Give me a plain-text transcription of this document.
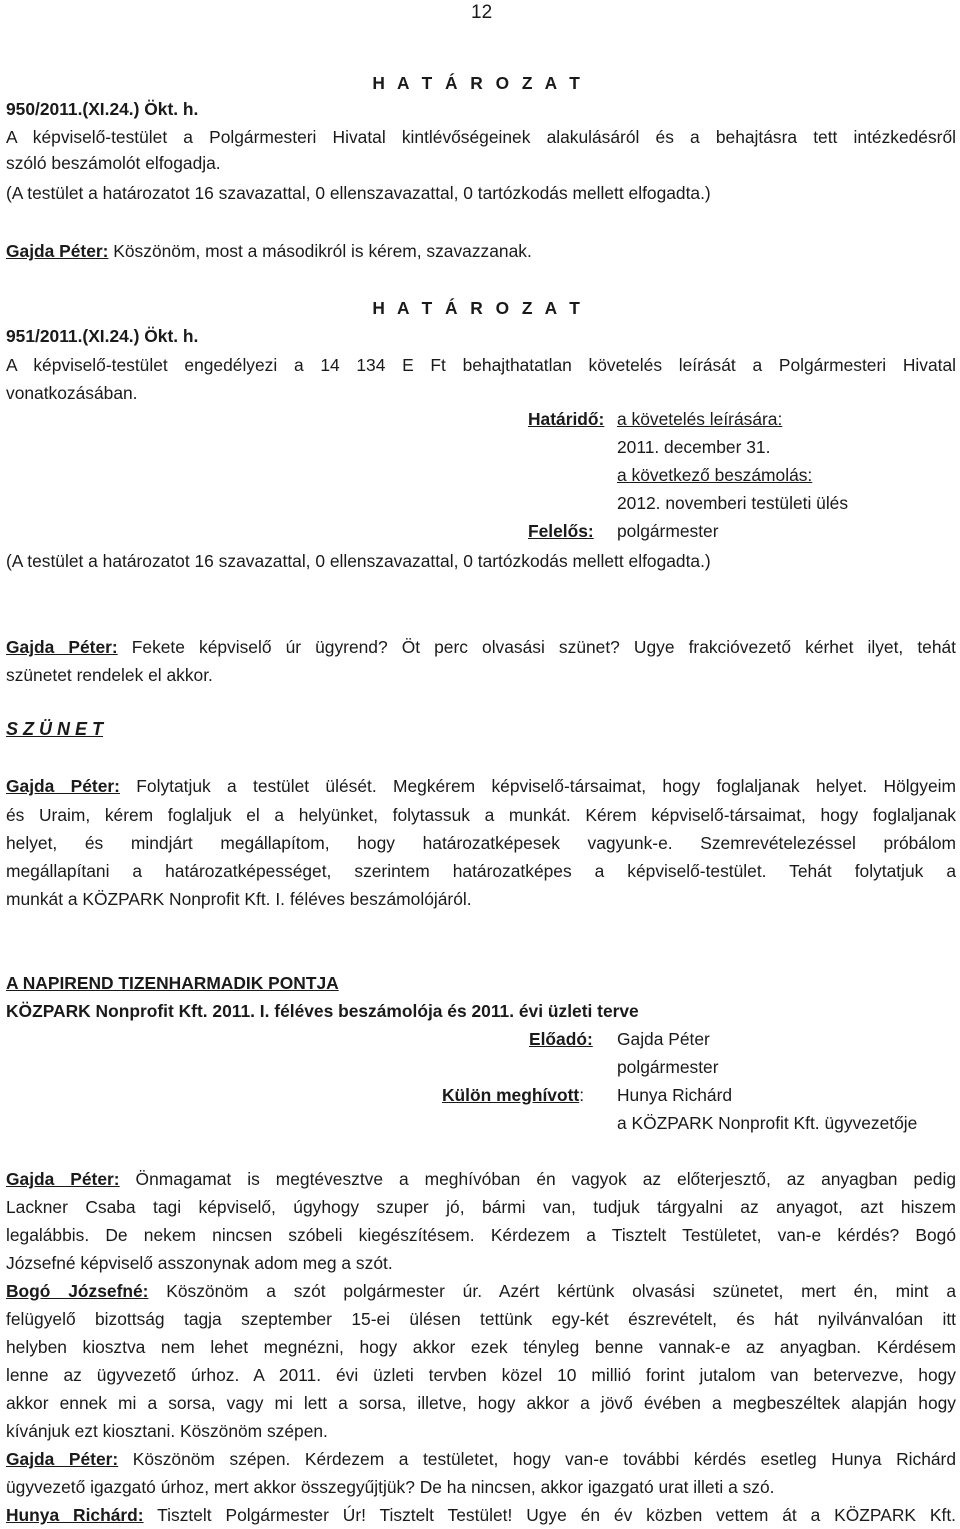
12
H A T Á R O Z A T
950/2011.(XI.24.) Ökt. h.
A képviselő-testület a Polgármesteri Hivatal kintlévőségeinek alakulásáról és a behajtásra tett intézkedésről
szóló beszámolót elfogadja.
(A testület a határozatot 16 szavazattal, 0 ellenszavazattal, 0 tartózkodás mellett elfogadta.)
Gajda Péter: Köszönöm, most a másodikról is kérem, szavazzanak.
H A T Á R O Z A T
951/2011.(XI.24.) Ökt. h.
A képviselő-testület engedélyezi a 14 134 E Ft behajthatatlan követelés leírását a Polgármesteri Hivatal
vonatkozásában.
Határidő: a követelés leírására:
2011. december 31.
a következő beszámolás:
2012. novemberi testületi ülés
Felelős: polgármester
(A testület a határozatot 16 szavazattal, 0 ellenszavazattal, 0 tartózkodás mellett elfogadta.)
Gajda Péter: Fekete képviselő úr ügyrend? Öt perc olvasási szünet? Ugye frakcióvezető kérhet ilyet, tehát
szünetet rendelek el akkor.
S Z Ü N E T
Gajda Péter: Folytatjuk a testület ülését. Megkérem képviselő-társaimat, hogy foglaljanak helyet. Hölgyeim
és Uraim, kérem foglaljuk el a helyünket, folytassuk a munkát. Kérem képviselő-társaimat, hogy foglaljanak
helyet, és mindjárt megállapítom, hogy határozatképesek vagyunk-e. Szemrevételezéssel próbálom
megállapítani a határozatképességet, szerintem határozatképes a képviselő-testület. Tehát folytatjuk a
munkát a KÖZPARK Nonprofit Kft. I. féléves beszámolójáról.
A NAPIREND TIZENHARMADIK PONTJA
KÖZPARK Nonprofit Kft. 2011. I. féléves beszámolója és 2011. évi üzleti terve
Előadó: Gajda Péter
polgármester
Külön meghívott: Hunya Richárd
a KÖZPARK Nonprofit Kft. ügyvezetője
Gajda Péter: Önmagamat is megtévesztve a meghívóban én vagyok az előterjesztő, az anyagban pedig
Lackner Csaba tagi képviselő, úgyhogy szuper jó, bármi van, tudjuk tárgyalni az anyagot, azt hiszem
legalábbis. De nekem nincsen szóbeli kiegészítésem. Kérdezem a Tisztelt Testületet, van-e kérdés? Bogó
Józsefné képviselő asszonynak adom meg a szót.
Bogó Józsefné: Köszönöm a szót polgármester úr. Azért kértünk olvasási szünetet, mert én, mint a
felügyelő bizottság tagja szeptember 15-ei ülésen tettünk egy-két észrevételt, és hát nyilvánvalóan itt
helyben kiosztva nem lehet megnézni, hogy akkor ezek tényleg benne vannak-e az anyagban. Kérdésem
lenne az ügyvezető úrhoz. A 2011. évi üzleti tervben közel 10 millió forint jutalom van betervezve, hogy
akkor ennek mi a sorsa, vagy mi lett a sorsa, illetve, hogy akkor a jövő évében a megbeszéltek alapján hogy
kívánjuk ezt kiosztani. Köszönöm szépen.
Gajda Péter: Köszönöm szépen. Kérdezem a testületet, hogy van-e további kérdés esetleg Hunya Richárd
ügyvezető igazgató úrhoz, mert akkor összegyűjtjük? De ha nincsen, akkor igazgató urat illeti a szó.
Hunya Richárd: Tisztelt Polgármester Úr! Tisztelt Testület! Ugye én év közben vettem át a KÖZPARK Kft.
